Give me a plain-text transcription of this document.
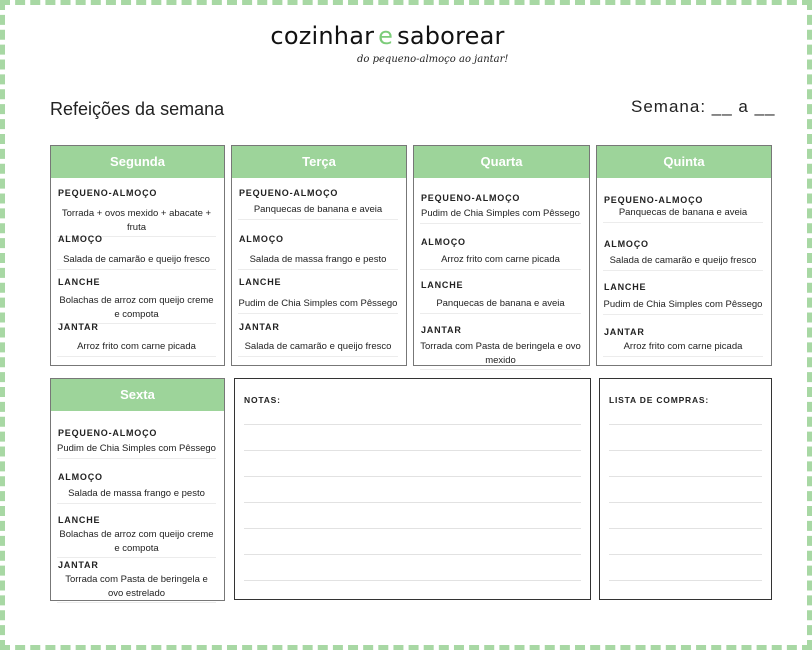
cozinhar e saborear
do pequeno-almoço ao jantar!
Refeições da semana	Semana: __ a __
Segunda
PEQUENO-ALMOÇO
Torrada + ovos mexido + abacate + fruta
ALMOÇO
Salada de camarão e queijo fresco
LANCHE
Bolachas de arroz com queijo creme e compota
JANTAR
Arroz frito com carne picada
Terça
PEQUENO-ALMOÇO
Panquecas de banana e aveia
ALMOÇO
Salada de massa frango e pesto
LANCHE
Pudim de Chia Simples com Pêssego
JANTAR
Salada de camarão e queijo fresco
Quarta
PEQUENO-ALMOÇO
Pudim de Chia Simples com Pêssego
ALMOÇO
Arroz frito com carne picada
LANCHE
Panquecas de banana e aveia
JANTAR
Torrada com Pasta de beringela e ovo mexido
Quinta
PEQUENO-ALMOÇO
Panquecas de banana e aveia
ALMOÇO
Salada de camarão e queijo fresco
LANCHE
Pudim de Chia Simples com Pêssego
JANTAR
Arroz frito com carne picada
Sexta
PEQUENO-ALMOÇO
Pudim de Chia Simples com Pêssego
ALMOÇO
Salada de massa frango e pesto
LANCHE
Bolachas de arroz com queijo creme e compota
JANTAR
Torrada com Pasta de beringela e ovo estrelado
NOTAS:	LISTA DE COMPRAS:
